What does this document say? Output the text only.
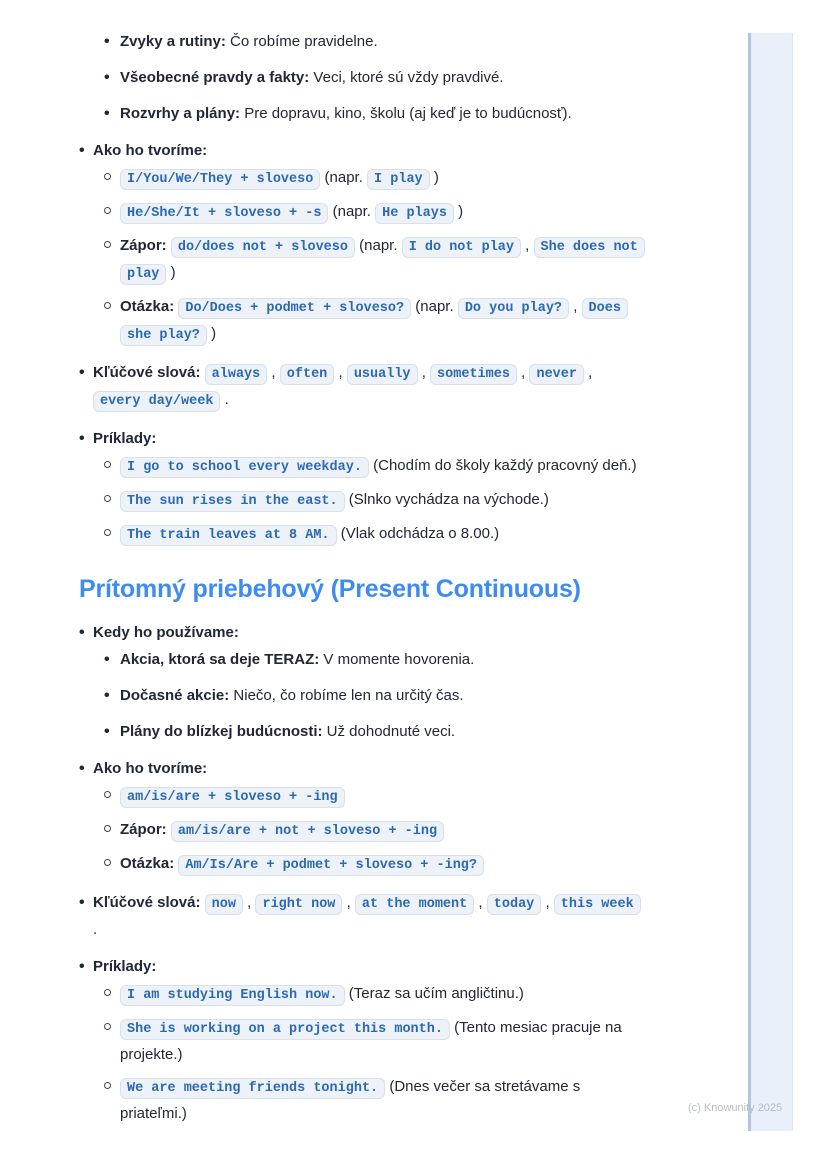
•
Zvyky a rutiny: Čo robíme pravidelne.
•
Všeobecné pravdy a fakty: Veci, ktoré sú vždy pravdivé.
•
Rozvrhy a plány: Pre dopravu, kino, školu (aj keď je to budúcnosť).
•
Ako ho tvoríme:
I/You/We/They + sloveso (napr. I play )
He/She/It + sloveso + -s (napr. He plays )
Zápor: do/does not + sloveso (napr. I do not play , She does not play )
Otázka: Do/Does + podmet + sloveso? (napr. Do you play? , Does she play? )
•
Kľúčové slová: always , often , usually , sometimes , never , every day/week .
•
Príklady:
I go to school every weekday. (Chodím do školy každý pracovný deň.)
The sun rises in the east. (Slnko vychádza na východe.)
The train leaves at 8 AM. (Vlak odchádza o 8.00.)
Prítomný priebehový (Present Continuous)
•
Kedy ho používame:
•
Akcia, ktorá sa deje TERAZ: V momente hovorenia.
•
Dočasné akcie: Niečo, čo robíme len na určitý čas.
•
Plány do blízkej budúcnosti: Už dohodnuté veci.
•
Ako ho tvoríme:
am/is/are + sloveso + -ing
Zápor: am/is/are + not + sloveso + -ing
Otázka: Am/Is/Are + podmet + sloveso + -ing?
•
Kľúčové slová: now , right now , at the moment , today , this week .
•
Príklady:
I am studying English now. (Teraz sa učím angličtinu.)
She is working on a project this month. (Tento mesiac pracuje na projekte.)
We are meeting friends tonight. (Dnes večer sa stretávame s priateľmi.)	(c) Knowunity 2025
